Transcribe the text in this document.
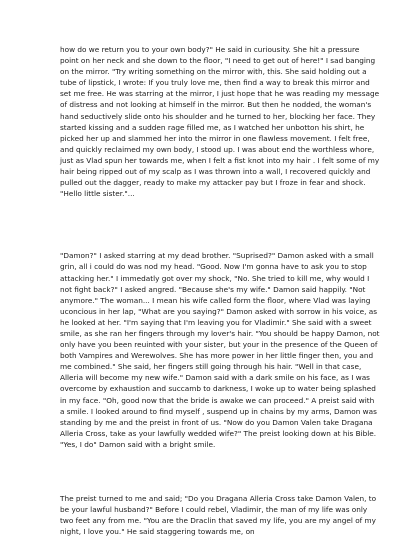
how do we return you to your own body?" He said in curiousity. She hit a pressure point on her neck and she down to the floor, "I need to get out of here!" I sad banging on the mirror. "Try writing something on the mirror with, this. She said holding out a tube of lipstick, I wrote: If you truly love me, then find a way to break this mirror and set me free. He was starring at the mirror, I just hope that he was reading my message of distress and not looking at himself in the mirror. But then he nodded, the woman's hand seductively slide onto his shoulder and he turned to her, blocking her face. They started kissing and a sudden rage filled me, as I watched her unbotton his shirt, he picked her up and slammed her into the mirror in one flawless movement. I felt free, and quickly reclaimed my own body, I stood up. I was about end the worthless whore, just as Vlad spun her towards me, when I felt a fist knot into my hair . I felt some of my hair being ripped out of my scalp as I was thrown into a wall, I recovered quickly and pulled out the dagger, ready to make my attacker pay but I froze in fear and shock. "Hello little sister."...

"Damon?" I asked starring at my dead brother. "Suprised?" Damon asked with a small grin, all i could do was nod my head. "Good. Now I'm gonna have to ask you to stop attacking her." I immedatly got over my shock, "No. She tried to kill me, why would I not fight back?" I asked angred. "Because she's my wife." Damon said happily. "Not anymore." The woman... I mean his wife called form the floor, where Vlad was laying uconcious in her lap, "What are you saying?" Damon asked with sorrow in his voice, as he looked at her. "I'm saying that I'm leaving you for Vladimir." She said with a sweet smile, as she ran her fingers through my lover's hair. "You should be happy Damon, not only have you been reuinted with your sister, but your in the presence of the Queen of both Vampires and Werewolves. She has more power in her little finger then, you and me combined." She said, her fingers still going through his hair. "Well in that case, Alleria will become my new wife." Damon said with a dark smile on his face, as I was overcome by exhaustion and succamb to darkness, I woke up to water being splashed in my face. "Oh, good now that the bride is awake we can proceed." A preist said with a smile. I looked around to find myself , suspend up in chains by my arms, Damon was standing by me and the preist in front of us. "Now do you Damon Valen take Dragana Alleria Cross, take as your lawfully wedded wife?" The preist looking down at his Bible. "Yes, I do" Damon said with a bright smile.

The preist turned to me and said; "Do you Dragana Alleria Cross take Damon Valen, to be your lawful husband?" Before I could rebel, Vladimir, the man of my life was only two feet any from me. "You are the Draclin that saved my life, you are my angel of my night, I love you." He said staggering towards me, on
